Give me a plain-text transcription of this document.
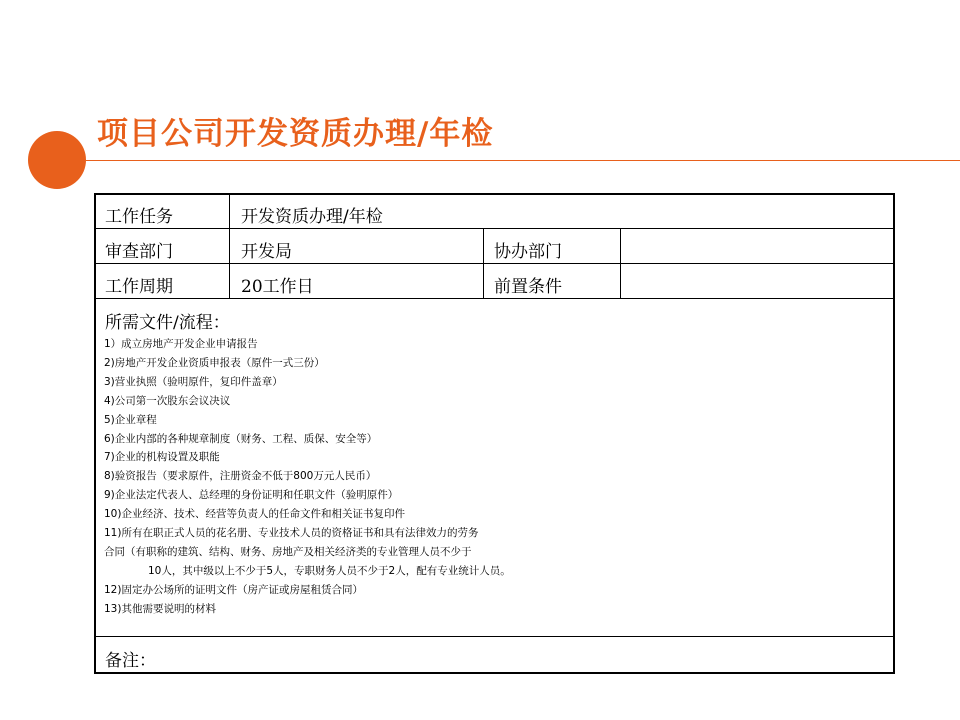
项目公司开发资质办理/年检
工作任务	开发资质办理/年检
审查部门	开发局	协办部门
工作周期	20工作日	前置条件
所需文件/流程：
1）成立房地产开发企业申请报告
2)房地产开发企业资质申报表（原件一式三份）
3)营业执照（验明原件，复印件盖章）
4)公司第一次股东会议决议
5)企业章程
6)企业内部的各种规章制度（财务、工程、质保、安全等）
7)企业的机构设置及职能
8)验资报告（要求原件，注册资金不低于800万元人民币）
9)企业法定代表人、总经理的身份证明和任职文件（验明原件）
10)企业经济、技术、经营等负责人的任命文件和相关证书复印件
11)所有在职正式人员的花名册、专业技术人员的资格证书和具有法律效力的劳务
合同（有职称的建筑、结构、财务、房地产及相关经济类的专业管理人员不少于
10人，其中级以上不少于5人，专职财务人员不少于2人，配有专业统计人员。
12)固定办公场所的证明文件（房产证或房屋租赁合同）
13)其他需要说明的材料
备注：
